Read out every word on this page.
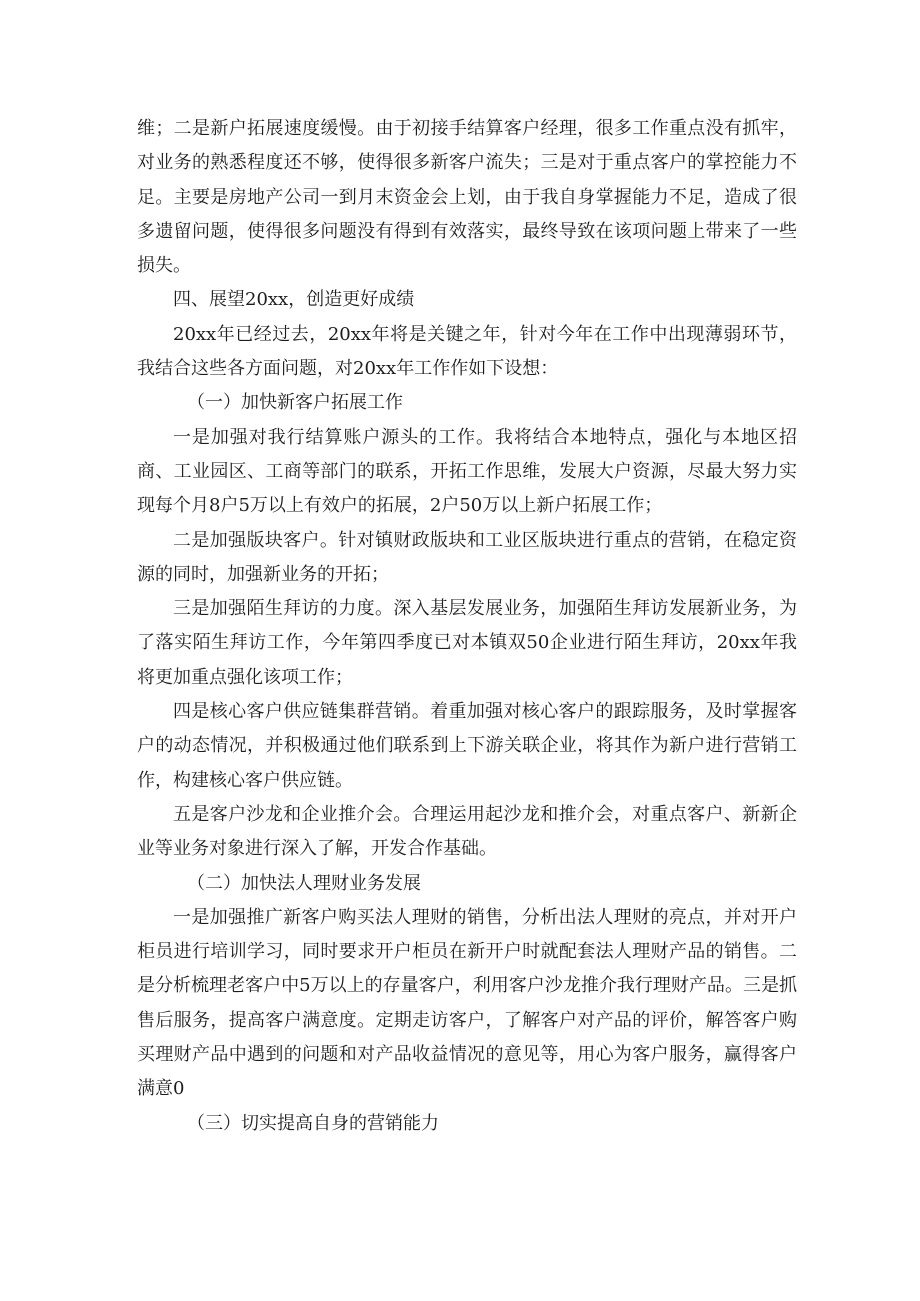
维；二是新户拓展速度缓慢。由于初接手结算客户经理，很多工作重点没有抓牢，对业务的熟悉程度还不够，使得很多新客户流失；三是对于重点客户的掌控能力不足。主要是房地产公司一到月末资金会上划，由于我自身掌握能力不足，造成了很多遗留问题，使得很多问题没有得到有效落实，最终导致在该项问题上带来了一些损失。

四、展望20xx，创造更好成绩

20xx年已经过去，20xx年将是关键之年，针对今年在工作中出现薄弱环节，我结合这些各方面问题，对20xx年工作作如下设想：

（一）加快新客户拓展工作

一是加强对我行结算账户源头的工作。我将结合本地特点，强化与本地区招商、工业园区、工商等部门的联系，开拓工作思维，发展大户资源，尽最大努力实现每个月8户5万以上有效户的拓展，2户50万以上新户拓展工作；

二是加强版块客户。针对镇财政版块和工业区版块进行重点的营销，在稳定资源的同时，加强新业务的开拓；

三是加强陌生拜访的力度。深入基层发展业务，加强陌生拜访发展新业务，为了落实陌生拜访工作，今年第四季度已对本镇双50企业进行陌生拜访，20xx年我将更加重点强化该项工作；

四是核心客户供应链集群营销。着重加强对核心客户的跟踪服务，及时掌握客户的动态情况，并积极通过他们联系到上下游关联企业，将其作为新户进行营销工作，构建核心客户供应链。

五是客户沙龙和企业推介会。合理运用起沙龙和推介会，对重点客户、新新企业等业务对象进行深入了解，开发合作基础。

（二）加快法人理财业务发展

一是加强推广新客户购买法人理财的销售，分析出法人理财的亮点，并对开户柜员进行培训学习，同时要求开户柜员在新开户时就配套法人理财产品的销售。二是分析梳理老客户中5万以上的存量客户，利用客户沙龙推介我行理财产品。三是抓售后服务，提高客户满意度。定期走访客户，了解客户对产品的评价，解答客户购买理财产品中遇到的问题和对产品收益情况的意见等，用心为客户服务，赢得客户满意0

（三）切实提高自身的营销能力
